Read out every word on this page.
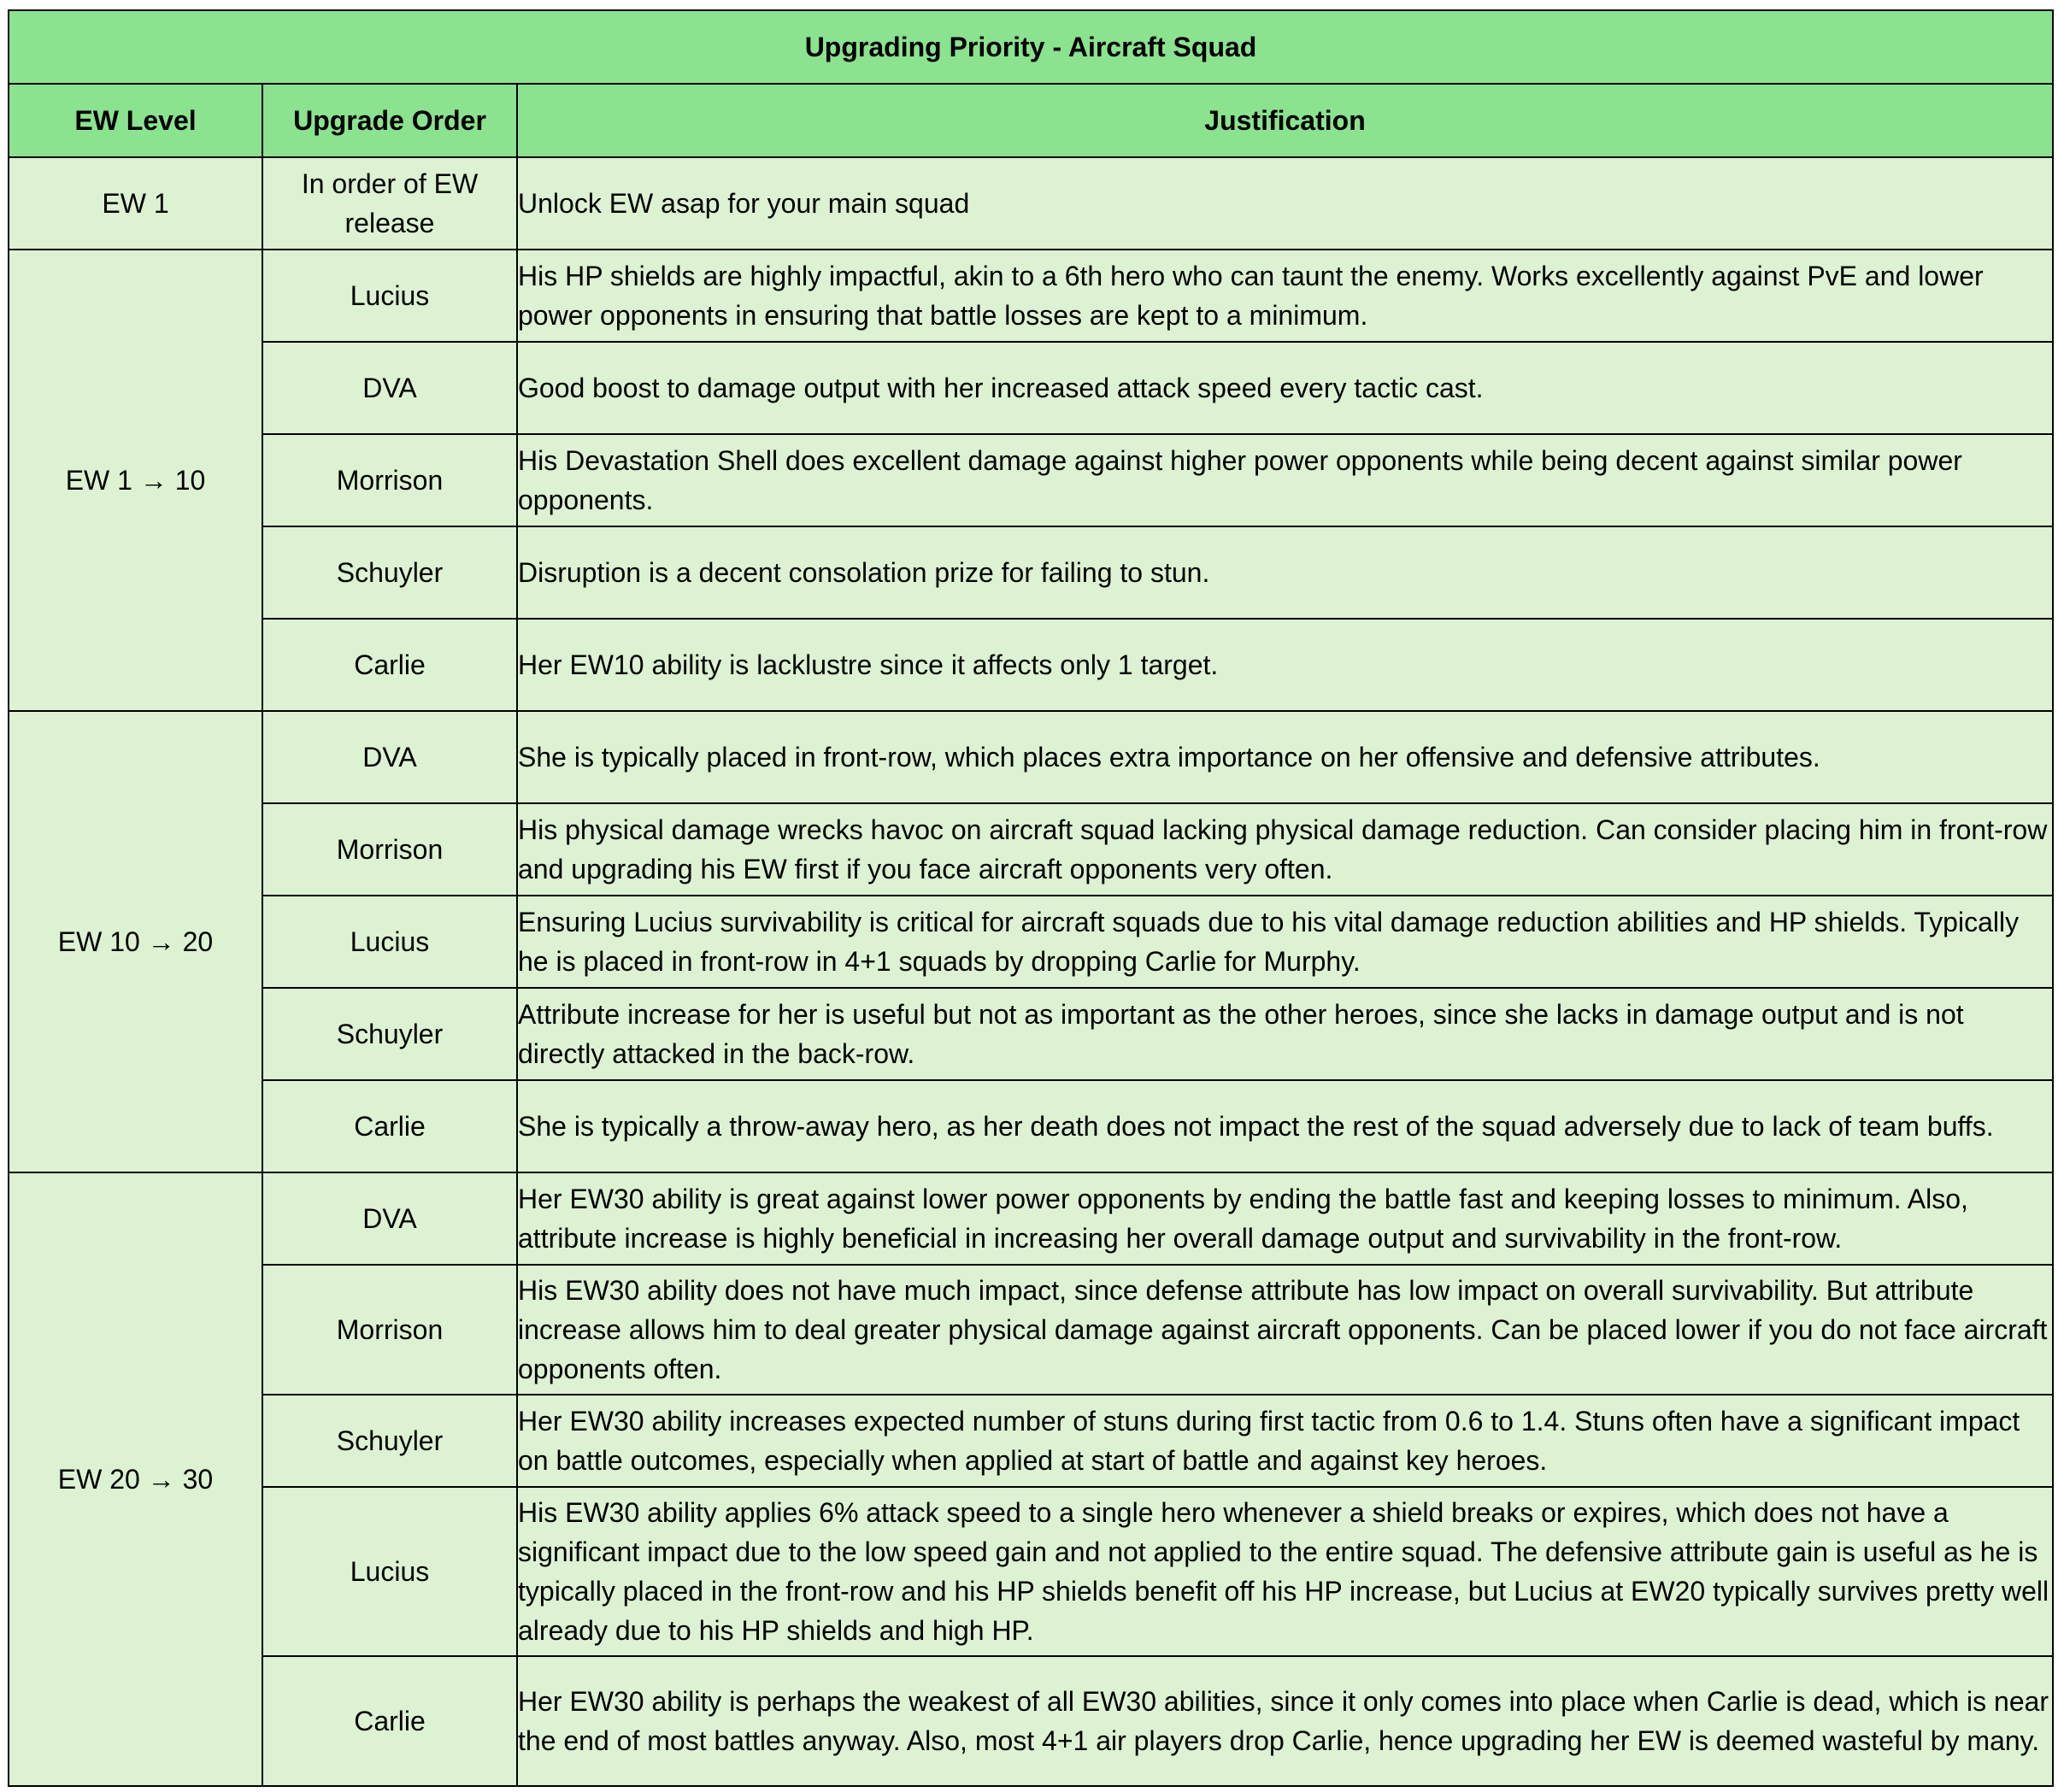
Upgrading Priority - Aircraft Squad		
EW Level	Upgrade Order	Justification
EW 1	In order of EW release	Unlock EW asap for your main squad
EW 1 → 10	Lucius	His HP shields are highly impactful, akin to a 6th hero who can taunt the enemy. Works excellently against PvE and lower power opponents in ensuring that battle losses are kept to a minimum.
	DVA	Good boost to damage output with her increased attack speed every tactic cast.
	Morrison	His Devastation Shell does excellent damage against higher power opponents while being decent against similar power opponents.
	Schuyler	Disruption is a decent consolation prize for failing to stun.
	Carlie	Her EW10 ability is lacklustre since it affects only 1 target.
EW 10 → 20	DVA	She is typically placed in front-row, which places extra importance on her offensive and defensive attributes.
	Morrison	His physical damage wrecks havoc on aircraft squad lacking physical damage reduction. Can consider placing him in front-row and upgrading his EW first if you face aircraft opponents very often.
	Lucius	Ensuring Lucius survivability is critical for aircraft squads due to his vital damage reduction abilities and HP shields. Typically he is placed in front-row in 4+1 squads by dropping Carlie for Murphy.
	Schuyler	Attribute increase for her is useful but not as important as the other heroes, since she lacks in damage output and is not directly attacked in the back-row.
	Carlie	She is typically a throw-away hero, as her death does not impact the rest of the squad adversely due to lack of team buffs.
EW 20 → 30	DVA	Her EW30 ability is great against lower power opponents by ending the battle fast and keeping losses to minimum. Also, attribute increase is highly beneficial in increasing her overall damage output and survivability in the front-row.
	Morrison	His EW30 ability does not have much impact, since defense attribute has low impact on overall survivability. But attribute increase allows him to deal greater physical damage against aircraft opponents. Can be placed lower if you do not face aircraft opponents often.
	Schuyler	Her EW30 ability increases expected number of stuns during first tactic from 0.6 to 1.4. Stuns often have a significant impact on battle outcomes, especially when applied at start of battle and against key heroes.
	Lucius	His EW30 ability applies 6% attack speed to a single hero whenever a shield breaks or expires, which does not have a significant impact due to the low speed gain and not applied to the entire squad. The defensive attribute gain is useful as he is typically placed in the front-row and his HP shields benefit off his HP increase, but Lucius at EW20 typically survives pretty well already due to his HP shields and high HP.
	Carlie	Her EW30 ability is perhaps the weakest of all EW30 abilities, since it only comes into place when Carlie is dead, which is near the end of most battles anyway. Also, most 4+1 air players drop Carlie, hence upgrading her EW is deemed wasteful by many.
